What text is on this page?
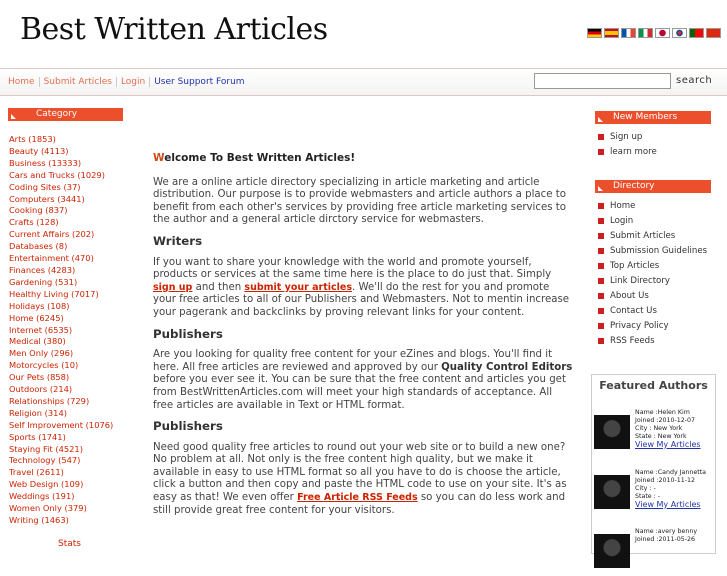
Best Written Articles
Home	Submit Articles	Login	User Support Forum	search
Category
Arts (1853)
Beauty (4113)
Business (13333)
Cars and Trucks (1029)
Coding Sites (37)
Computers (3441)
Cooking (837)
Crafts (128)
Current Affairs (202)
Databases (8)
Entertainment (470)
Finances (4283)
Gardening (531)
Healthy Living (7017)
Holidays (108)
Home (6245)
Internet (6535)
Medical (380)
Men Only (296)
Motorcycles (10)
Our Pets (858)
Outdoors (214)
Relationships (729)
Religion (314)
Self Improvement (1076)
Sports (1741)
Staying Fit (4521)
Technology (547)
Travel (2611)
Web Design (109)
Weddings (191)
Women Only (379)
Writing (1463)
Stats
Welcome To Best Written Articles!

We are a online article directory specializing in article marketing and article distribution. Our purpose is to provide webmasters and article authors a place to benefit from each other's services by providing free article marketing services to the author and a general article dirctory service for webmasters.

Writers

If you want to share your knowledge with the world and promote yourself, products or services at the same time here is the place to do just that. Simply sign up and then submit your articles. We'll do the rest for you and promote your free articles to all of our Publishers and Webmasters. Not to mentin increase your pagerank and backclinks by proving relevant links for your content.

Publishers

Are you looking for quality free content for your eZines and blogs. You'll find it here. All free articles are reviewed and approved by our Quality Control Editors before you ever see it. You can be sure that the free content and articles you get from BestWrittenArticles.com will meet your high standards of acceptance. All free articles are available in Text or HTML format.

Publishers

Need good quality free articles to round out your web site or to build a new one? No problem at all. Not only is the free content high quality, but we make it available in easy to use HTML format so all you have to do is choose the article, click a button and then copy and paste the HTML code to use on your site. It's as easy as that! We even offer Free Article RSS Feeds so you can do less work and still provide great free content for your visitors.

New Members
Sign up
learn more
Directory
Home
Login
Submit Articles
Submission Guidelines
Top Articles
Link Directory
About Us
Contact Us
Privacy Policy
RSS Feeds
Featured Authors
Name :Helen Kim
Joined :2010-12-07
City : New York
State : New York
View My Articles
Name :Candy Jannetta
Joined :2010-11-12
City : -
State : -
View My Articles
Name :avery benny
Joined :2011-05-26
